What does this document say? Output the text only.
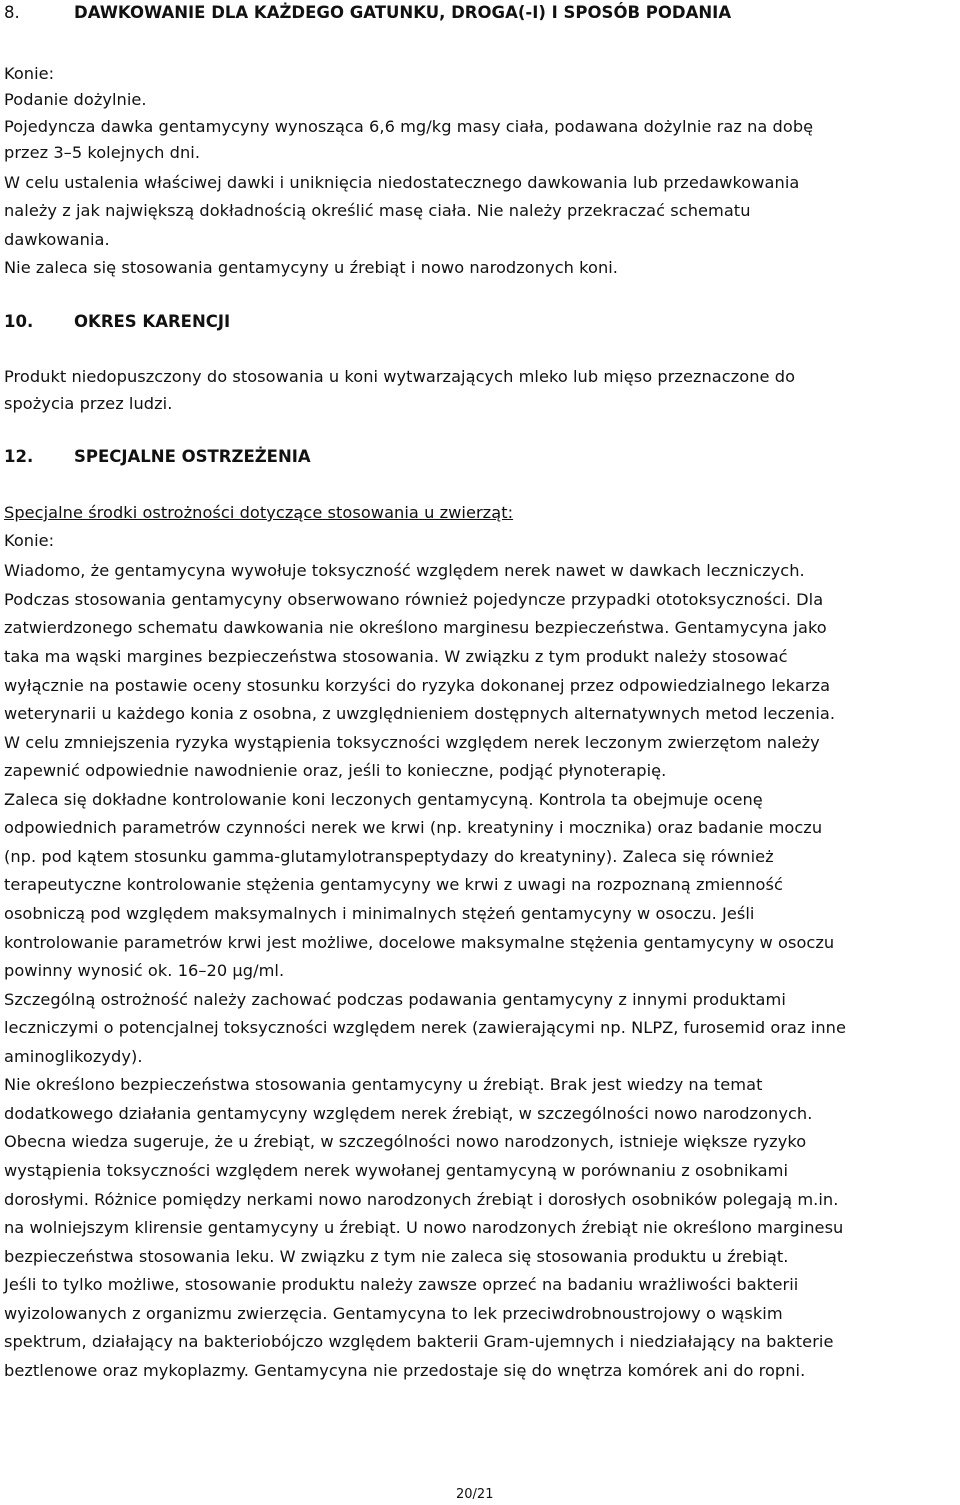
8.	DAWKOWANIE DLA KAŻDEGO GATUNKU, DROGA(-I) I SPOSÓB PODANIA
Konie:
Podanie dożylnie.
Pojedyncza dawka gentamycyny wynosząca 6,6 mg/kg masy ciała, podawana dożylnie raz na dobę
przez 3–5 kolejnych dni.
W celu ustalenia właściwej dawki i uniknięcia niedostatecznego dawkowania lub przedawkowania
należy z jak największą dokładnością określić masę ciała. Nie należy przekraczać schematu
dawkowania.
Nie zaleca się stosowania gentamycyny u źrebiąt i nowo narodzonych koni.
10. OKRES KARENCJI
Produkt niedopuszczony do stosowania u koni wytwarzających mleko lub mięso przeznaczone do
spożycia przez ludzi.
12. SPECJALNE OSTRZEŻENIA
Specjalne środki ostrożności dotyczące stosowania u zwierząt:
Konie:
Wiadomo, że gentamycyna wywołuje toksyczność względem nerek nawet w dawkach leczniczych.
Podczas stosowania gentamycyny obserwowano również pojedyncze przypadki ototoksyczności. Dla
zatwierdzonego schematu dawkowania nie określono marginesu bezpieczeństwa. Gentamycyna jako
taka ma wąski margines bezpieczeństwa stosowania. W związku z tym produkt należy stosować
wyłącznie na postawie oceny stosunku korzyści do ryzyka dokonanej przez odpowiedzialnego lekarza
weterynarii u każdego konia z osobna, z uwzględnieniem dostępnych alternatywnych metod leczenia.
W celu zmniejszenia ryzyka wystąpienia toksyczności względem nerek leczonym zwierzętom należy
zapewnić odpowiednie nawodnienie oraz, jeśli to konieczne, podjąć płynoterapię.
Zaleca się dokładne kontrolowanie koni leczonych gentamycyną. Kontrola ta obejmuje ocenę
odpowiednich parametrów czynności nerek we krwi (np. kreatyniny i mocznika) oraz badanie moczu
(np. pod kątem stosunku gamma-glutamylotranspeptydazy do kreatyniny). Zaleca się również
terapeutyczne kontrolowanie stężenia gentamycyny we krwi z uwagi na rozpoznaną zmienność
osobniczą pod względem maksymalnych i minimalnych stężeń gentamycyny w osoczu. Jeśli
kontrolowanie parametrów krwi jest możliwe, docelowe maksymalne stężenia gentamycyny w osoczu
powinny wynosić ok. 16–20 μg/ml.
Szczególną ostrożność należy zachować podczas podawania gentamycyny z innymi produktami
leczniczymi o potencjalnej toksyczności względem nerek (zawierającymi np. NLPZ, furosemid oraz inne
aminoglikozydy).
Nie określono bezpieczeństwa stosowania gentamycyny u źrebiąt. Brak jest wiedzy na temat
dodatkowego działania gentamycyny względem nerek źrebiąt, w szczególności nowo narodzonych.
Obecna wiedza sugeruje, że u źrebiąt, w szczególności nowo narodzonych, istnieje większe ryzyko
wystąpienia toksyczności względem nerek wywołanej gentamycyną w porównaniu z osobnikami
dorosłymi. Różnice pomiędzy nerkami nowo narodzonych źrebiąt i dorosłych osobników polegają m.in.
na wolniejszym klirensie gentamycyny u źrebiąt. U nowo narodzonych źrebiąt nie określono marginesu
bezpieczeństwa stosowania leku. W związku z tym nie zaleca się stosowania produktu u źrebiąt.
Jeśli to tylko możliwe, stosowanie produktu należy zawsze oprzeć na badaniu wrażliwości bakterii
wyizolowanych z organizmu zwierzęcia. Gentamycyna to lek przeciwdrobnoustrojowy o wąskim
spektrum, działający na bakteriobójczo względem bakterii Gram-ujemnych i niedziałający na bakterie
beztlenowe oraz mykoplazmy. Gentamycyna nie przedostaje się do wnętrza komórek ani do ropni.
20/21
